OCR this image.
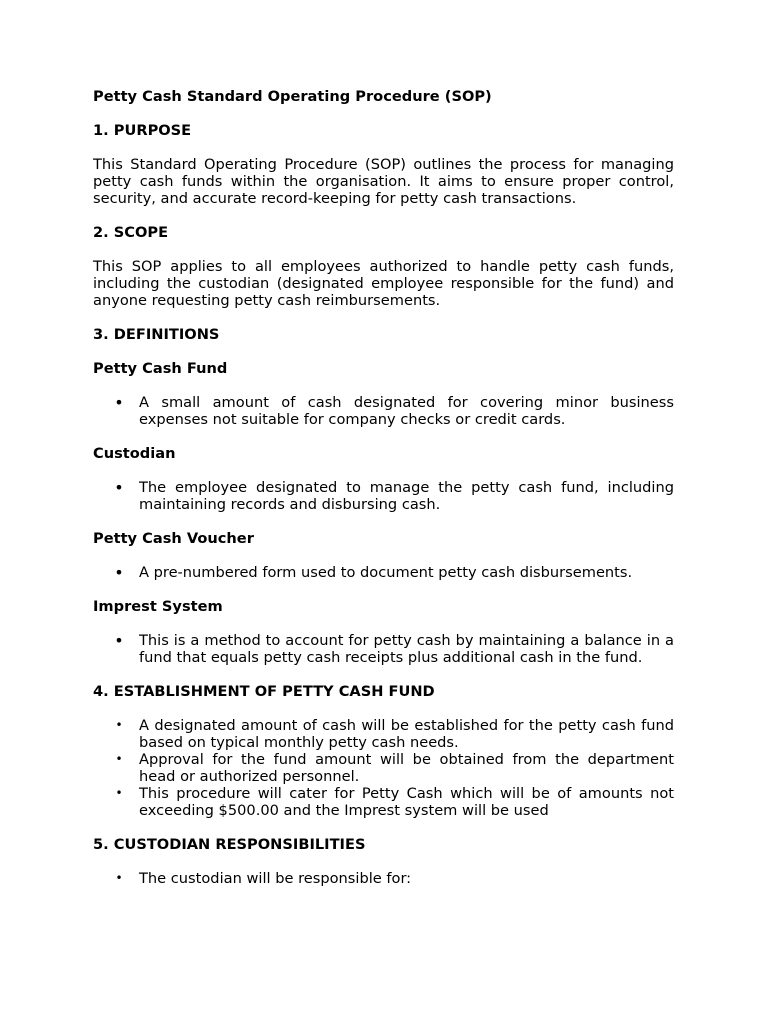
Petty Cash Standard Operating Procedure (SOP)
1. PURPOSE
This Standard Operating Procedure (SOP) outlines the process for managing petty cash funds within the organisation. It aims to ensure proper control, security, and accurate record-keeping for petty cash transactions.
2. SCOPE
This SOP applies to all employees authorized to handle petty cash funds, including the custodian (designated employee responsible for the fund) and anyone requesting petty cash reimbursements.
3. DEFINITIONS
Petty Cash Fund
• A small amount of cash designated for covering minor business expenses not suitable for company checks or credit cards.
Custodian
• The employee designated to manage the petty cash fund, including maintaining records and disbursing cash.
Petty Cash Voucher
• A pre-numbered form used to document petty cash disbursements.
Imprest System
• This is a method to account for petty cash by maintaining a balance in a fund that equals petty cash receipts plus additional cash in the fund.
4. ESTABLISHMENT OF PETTY CASH FUND
• A designated amount of cash will be established for the petty cash fund based on typical monthly petty cash needs.
• Approval for the fund amount will be obtained from the department head or authorized personnel.
• This procedure will cater for Petty Cash which will be of amounts not exceeding $500.00 and the Imprest system will be used
5. CUSTODIAN RESPONSIBILITIES
• The custodian will be responsible for:
